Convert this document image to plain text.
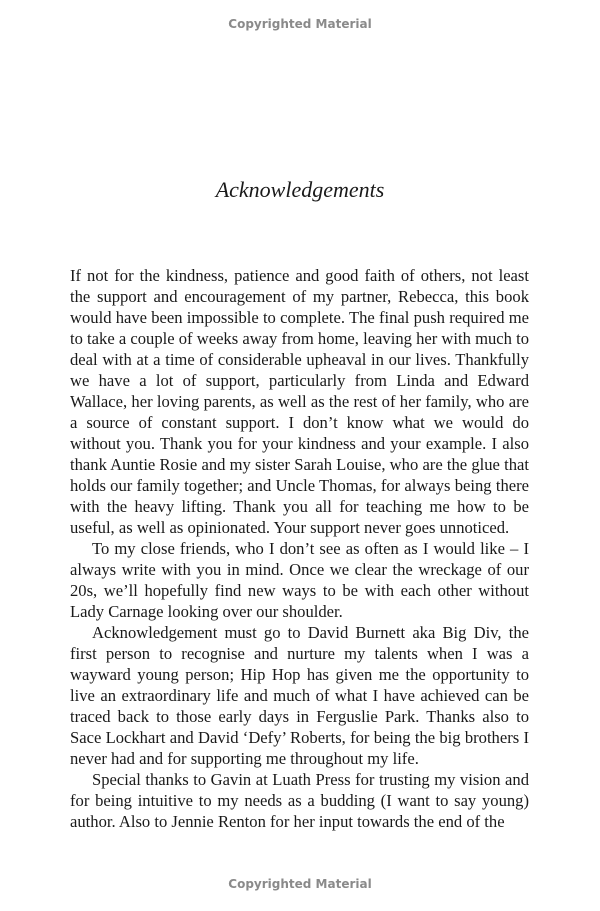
Copyrighted Material
Acknowledgements

If not for the kindness, patience and good faith of others, not least the support and encouragement of my partner, Rebecca, this book would have been impossible to complete. The final push required me to take a couple of weeks away from home, leaving her with much to deal with at a time of considerable upheaval in our lives. Thankfully we have a lot of support, particularly from Linda and Edward Wallace, her loving parents, as well as the rest of her family, who are a source of constant support. I don’t know what we would do without you. Thank you for your kindness and your example. I also thank Auntie Rosie and my sister Sarah Louise, who are the glue that holds our family together; and Uncle Thomas, for always being there with the heavy lifting. Thank you all for teaching me how to be useful, as well as opinionated. Your support never goes unnoticed.

To my close friends, who I don’t see as often as I would like – I always write with you in mind. Once we clear the wreckage of our 20s, we’ll hopefully find new ways to be with each other without Lady Carnage looking over our shoulder.

Acknowledgement must go to David Burnett aka Big Div, the first person to recognise and nurture my talents when I was a wayward young person; Hip Hop has given me the opportunity to live an extraordinary life and much of what I have achieved can be traced back to those early days in Ferguslie Park. Thanks also to Sace Lockhart and David ‘Defy’ Roberts, for being the big brothers I never had and for supporting me throughout my life.

Special thanks to Gavin at Luath Press for trusting my vision and for being intuitive to my needs as a budding (I want to say young) author. Also to Jennie Renton for her input towards the end of the

Copyrighted Material
